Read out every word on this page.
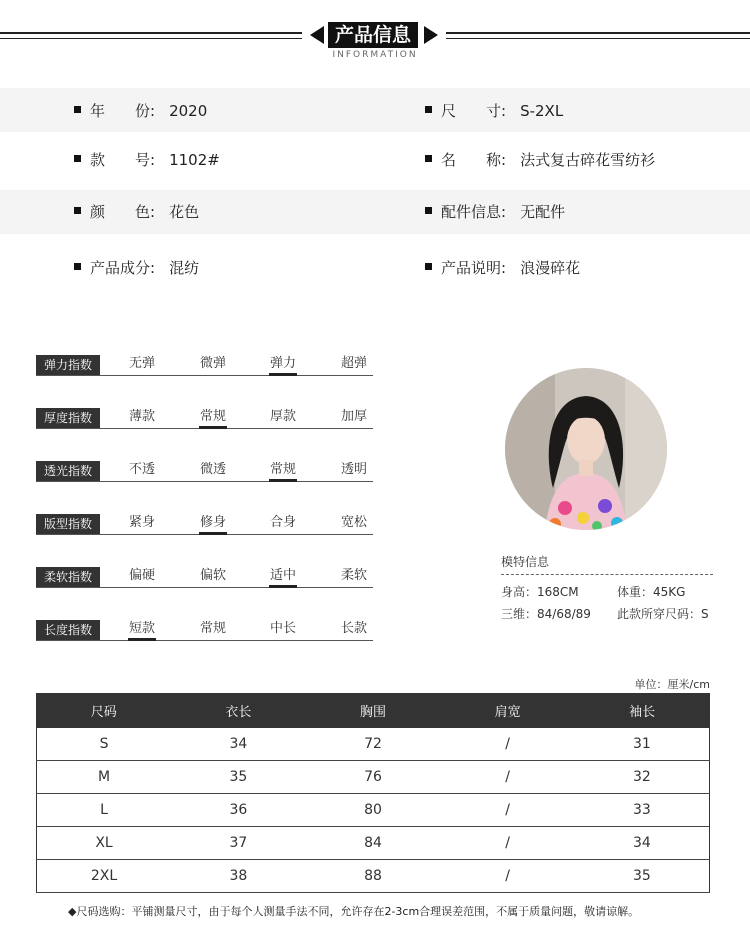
产品信息
INFORMATION
年　　份: 2020	尺　　寸: S-2XL
款　　号: 1102#	名　　称: 法式复古碎花雪纺衫
颜　　色: 花色	配件信息: 无配件
产品成分: 混纺	产品说明: 浪漫碎花
弹力指数	无弹	微弹	弹力	超弹
厚度指数	薄款	常规	厚款	加厚
透光指数	不透	微透	常规	透明
版型指数	紧身	修身	合身	宽松
柔软指数	偏硬	偏软	适中	柔软
长度指数	短款	常规	中长	长款
模特信息
身高：168CM	体重：45KG
三维：84/68/89 此款所穿尺码：S
单位：厘米/cm
尺码	衣长	胸围	肩宽	袖长
S	34	72	/	31
M	35	76	/	32
L	36	80	/	33
XL	37	84	/	34
2XL	38	88	/	35
◆尺码选购：平铺测量尺寸，由于每个人测量手法不同，允许存在2-3cm合理误差范围，不属于质量问题，敬请谅解。
